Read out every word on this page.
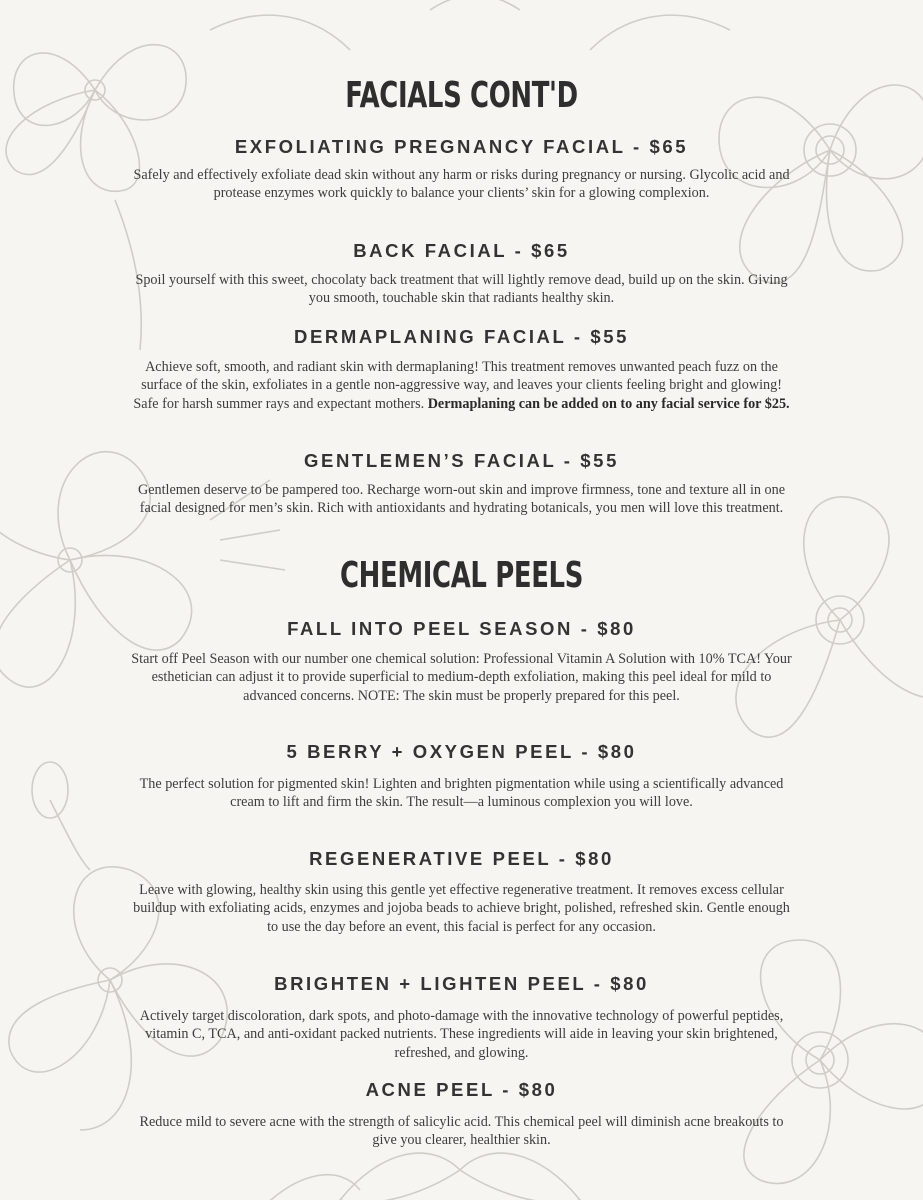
FACIALS CONT'D
EXFOLIATING PREGNANCY FACIAL - $65
Safely and effectively exfoliate dead skin without any harm or risks during pregnancy or nursing. Glycolic acid and protease enzymes work quickly to balance your clients’ skin for a glowing complexion.
BACK FACIAL - $65
Spoil yourself with this sweet, chocolaty back treatment that will lightly remove dead, build up on the skin. Giving you smooth, touchable skin that radiants healthy skin.
DERMAPLANING FACIAL - $55
Achieve soft, smooth, and radiant skin with dermaplaning! This treatment removes unwanted peach fuzz on the surface of the skin, exfoliates in a gentle non-aggressive way, and leaves your clients feeling bright and glowing! Safe for harsh summer rays and expectant mothers. Dermaplaning can be added on to any facial service for $25.
GENTLEMEN’S FACIAL - $55
Gentlemen deserve to be pampered too. Recharge worn-out skin and improve firmness, tone and texture all in one facial designed for men’s skin. Rich with antioxidants and hydrating botanicals, you men will love this treatment.
CHEMICAL PEELS
FALL INTO PEEL SEASON - $80
Start off Peel Season with our number one chemical solution: Professional Vitamin A Solution with 10% TCA! Your esthetician can adjust it to provide superficial to medium-depth exfoliation, making this peel ideal for mild to advanced concerns. NOTE: The skin must be properly prepared for this peel.
5 BERRY + OXYGEN PEEL - $80
The perfect solution for pigmented skin! Lighten and brighten pigmentation while using a scientifically advanced cream to lift and firm the skin. The result—a luminous complexion you will love.
REGENERATIVE PEEL - $80
Leave with glowing, healthy skin using this gentle yet effective regenerative treatment. It removes excess cellular buildup with exfoliating acids, enzymes and jojoba beads to achieve bright, polished, refreshed skin. Gentle enough to use the day before an event, this facial is perfect for any occasion.
BRIGHTEN + LIGHTEN PEEL - $80
Actively target discoloration, dark spots, and photo-damage with the innovative technology of powerful peptides, vitamin C, TCA, and anti-oxidant packed nutrients. These ingredients will aide in leaving your skin brightened, refreshed, and glowing.
ACNE PEEL - $80
Reduce mild to severe acne with the strength of salicylic acid. This chemical peel will diminish acne breakouts to give you clearer, healthier skin.
